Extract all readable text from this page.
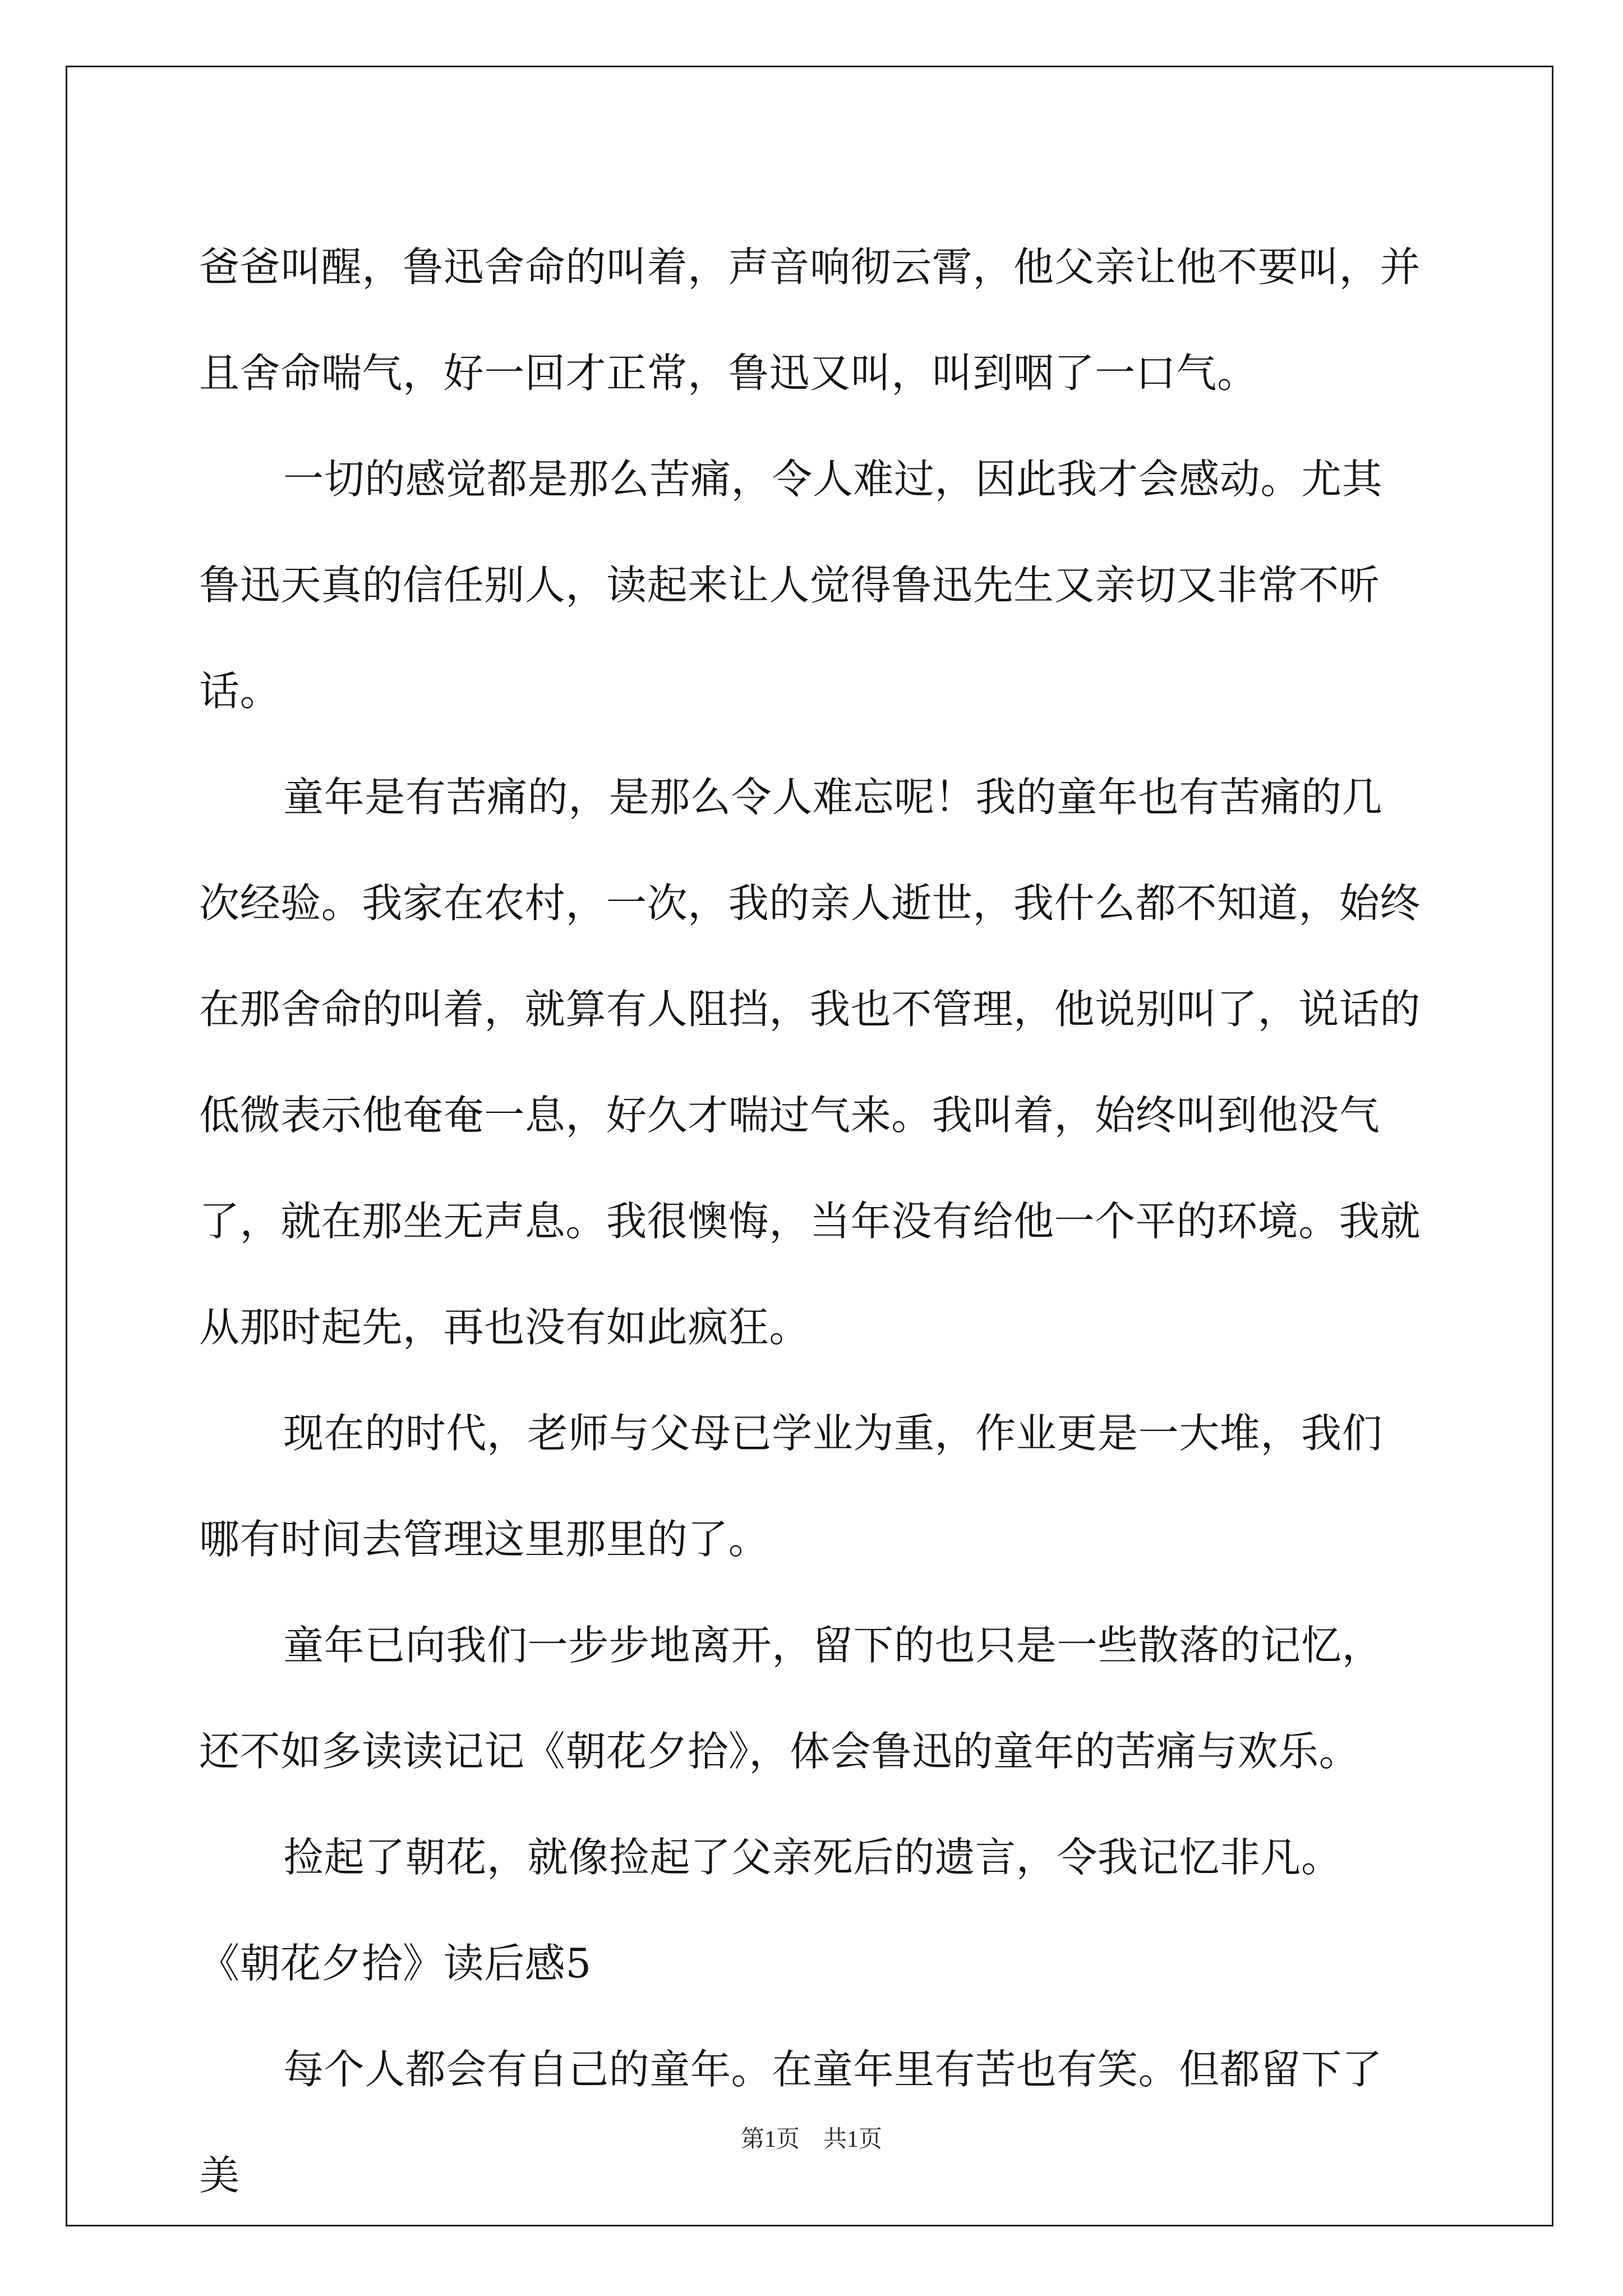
爸爸叫醒，鲁迅舍命的叫着，声音响彻云霄，他父亲让他不要叫，并且舍命喘气，好一回才正常，鲁迅又叫，叫到咽了一口气。

一切的感觉都是那么苦痛，令人难过，因此我才会感动。尤其鲁迅天真的信任别人，读起来让人觉得鲁迅先生又亲切又非常不听话。

童年是有苦痛的，是那么令人难忘呢！我的童年也有苦痛的几次经验。我家在农村，一次，我的亲人逝世，我什么都不知道，始终在那舍命的叫着，就算有人阻挡，我也不管理，他说别叫了，说话的低微表示他奄奄一息，好久才喘过气来。我叫着，始终叫到他没气了，就在那坐无声息。我很懊悔，当年没有给他一个平的环境。我就从那时起先，再也没有如此疯狂。

现在的时代，老师与父母已学业为重，作业更是一大堆，我们哪有时间去管理这里那里的了。

童年已向我们一步步地离开，留下的也只是一些散落的记忆，还不如多读读记记《朝花夕拾》，体会鲁迅的童年的苦痛与欢乐。

捡起了朝花，就像捡起了父亲死后的遗言，令我记忆非凡。

《朝花夕拾》读后感5

每个人都会有自己的童年。在童年里有苦也有笑。但都留下了美

第1页　共1页
